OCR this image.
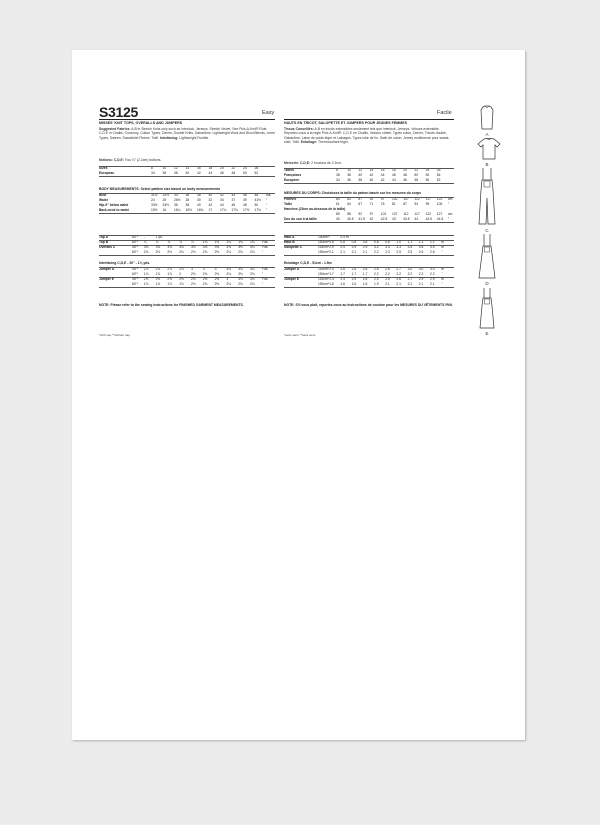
S3125	Easy	Facile
MISSES' KNIT TOPS, OVERALLS AND JUMPERS	HAUTS EN TRICOT, SALOPETTE ET JUMPERS POUR JEUNES FEMMES
Suggested Fabrics: A,B in Stretch Knits only such as Interlock, Jerseys, Stretch Velvet. See Pick-A-Knit® Rule. C,D,E in Challis, Corduroy, Cotton Types, Denim, Double Knits, Gabardine, Lightweight Wool and Wool Blends, Linen Types, Sateen, Sweatshirt Fleece, Twill. Interfacing: Lightweight Fusible.
Notions: C,D,E: Two ⅞" (2.2cm) buttons.
Sizes	8	10 12 14 16 18 20 22 24 26
European	34 36 38 40 42 44 46 48 50 52
BODY MEASUREMENTS: Select pattern size based on body measurements
Bust	31½ 32½ 34 36 38 40 42 44 46 48 Ins.
Waist	24 25 26½ 28 30 32 34 37 39 41½ "
Hip-9" below waist	33½ 34½ 36 38 40 42 44 46 48 50 "
Back-neck to waist	15½ 16 16¼ 16½ 16¾ 17 17¼ 17⅜ 17½ 17¾ "
Top A	60"* -	1 yd.
Top B	60"* ⅞	⅞	⅞	⅞	⅞	1⅛ 1⅛ 1⅛ 1⅛ 1⅛ Yds.
Overalls C	45"* 3⅜ 3⅜ 3⅜ 3⅜ 3⅜ 3⅜ 3⅜ 3⅜ 3⅜ 4⅛ Yds.
60"* 2⅛ 2⅛ 2⅛ 2⅛ 2⅛ 2⅛ 2⅛ 2⅛ 2⅛ 2⅛ "
Interfacing C,D,E - 20" - 1⅛ yds.
Jumper D	45"* 2⅞ 2⅞ 2⅞ 2⅞ 3	3	3	3⅛ 3¼ 3¼ Yds.
60"* 1⅞ 1⅞ 1⅞ 2	2⅛ 2⅛ 2⅛ 2⅛ 2⅛ 2⅛ "
Jumper E	45"* 2⅝ 2⅝ 2⅝ 2⅝ 2⅝ 2⅝ 2⅝ 3	3⅛ 3⅛ Yds.
60"* 1⅞ 1⅞ 1⅞ 1⅞ 2⅛ 2⅛ 2⅛ 2⅛ 2⅛ 2⅛ "
NOTE: Please refer to the sewing instructions for FINISHED GARMENT MEASUREMENTS.
*with nap **without nap
Tissus Conseillés: A,B en tricots extensibles seulement tels que Interlock, Jerseys, Velours extensible. Reportez-vous à la règle Pick-A-Knit®. C,D,E en Challis, Velours côtelé, Types coton, Denim, Tricots double, Gabardine, Laine de poids léger et Lainages, Types toile de lin, Satin de coton, Jersey molletonné pour sweat-shirt, Twill. Entoilage: Thermocollant léger.
Mercerie: C,D,E: 2 boutons de 2.2cm.
Tailles	8	10 12 14 16 18 20 22 24 26
Françaises	38 38 40 42 44 46 48 50 52 54
Européen	34 36 38 40 42 44 46 48 50 52
MESURES DU CORPS: Choisissez la taille du patron basée sur les mesures du corps
Poitrine	80 83 87 92 97 102 107 112 117 122 cm
Taille	61 64 67 71 76 81 87 94 99 106 "
Hanches (23cm au-dessous de la taille)
85 88 92 97 102 107 112 117 122 127 cm
Dos du cou à la taille	40 40.5 41.5 42 42.5 43 43.5 44 44.5 44.5 "
Haut A	150cm* -	0.9 m
Haut B	150cm* 0.8 0.8 0.8 0.8 0.8 0.8 1.0 1.1 1.1 1.1 m
Salopette C	115cm* 2.9 2.9 2.9 2.9 3.2 3.3 3.3 3.4 3.5 3.9 m
150cm* 2.1 2.1 2.1 2.1 2.2 2.3 2.5 2.5 2.6 2.6 "
Entoilage C,D,E - 51cm - 1.5m
Jumper D	115cm* 2.5 2.6 2.6 2.6 2.6 2.6 2.7 3.0 3.0 3.0 m
150cm* 1.7 1.7 1.7 1.7 2.2 2.2 2.2 2.2 2.2 2.2 "
Jumper E	115cm* 2.4 2.4 2.5 2.5 2.5 2.5 2.6 2.7 2.9 2.9 m
150cm* 1.6 1.6 1.6 1.6 1.9 2.1 2.1 2.1 2.1 2.1 "
NOTE: S'il vous plaît, reportez-vous au instructions de couture pour les MESURES DU VÊTEMENTS FINI.
*avec sens **sans sens
A
B
C
D
E
